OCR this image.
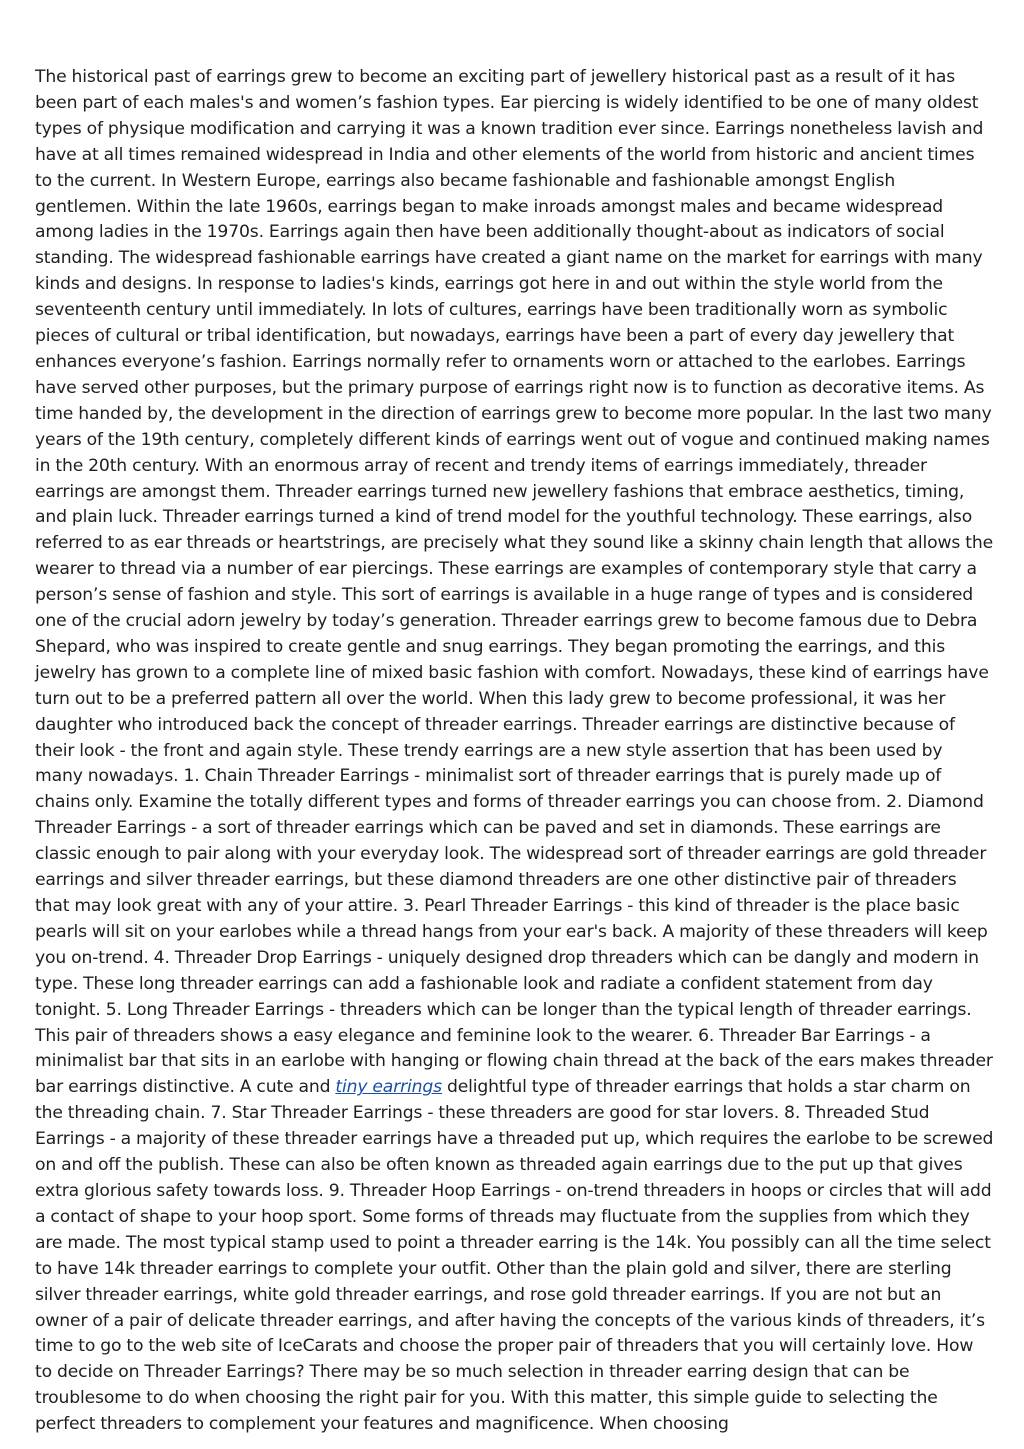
The historical past of earrings grew to become an exciting part of jewellery historical past as a result of it has been part of each males's and women’s fashion types. Ear piercing is widely identified to be one of many oldest types of physique modification and carrying it was a known tradition ever since. Earrings nonetheless lavish and have at all times remained widespread in India and other elements of the world from historic and ancient times to the current. In Western Europe, earrings also became fashionable and fashionable amongst English gentlemen. Within the late 1960s, earrings began to make inroads amongst males and became widespread among ladies in the 1970s. Earrings again then have been additionally thought-about as indicators of social standing. The widespread fashionable earrings have created a giant name on the market for earrings with many kinds and designs. In response to ladies's kinds, earrings got here in and out within the style world from the seventeenth century until immediately. In lots of cultures, earrings have been traditionally worn as symbolic pieces of cultural or tribal identification, but nowadays, earrings have been a part of every day jewellery that enhances everyone’s fashion. Earrings normally refer to ornaments worn or attached to the earlobes. Earrings have served other purposes, but the primary purpose of earrings right now is to function as decorative items. As time handed by, the development in the direction of earrings grew to become more popular. In the last two many years of the 19th century, completely different kinds of earrings went out of vogue and continued making names in the 20th century. With an enormous array of recent and trendy items of earrings immediately, threader earrings are amongst them. Threader earrings turned new jewellery fashions that embrace aesthetics, timing, and plain luck. Threader earrings turned a kind of trend model for the youthful technology. These earrings, also referred to as ear threads or heartstrings, are precisely what they sound like a skinny chain length that allows the wearer to thread via a number of ear piercings. These earrings are examples of contemporary style that carry a person’s sense of fashion and style. This sort of earrings is available in a huge range of types and is considered one of the crucial adorn jewelry by today’s generation. Threader earrings grew to become famous due to Debra Shepard, who was inspired to create gentle and snug earrings. They began promoting the earrings, and this jewelry has grown to a complete line of mixed basic fashion with comfort. Nowadays, these kind of earrings have turn out to be a preferred pattern all over the world. When this lady grew to become professional, it was her daughter who introduced back the concept of threader earrings. Threader earrings are distinctive because of their look - the front and again style. These trendy earrings are a new style assertion that has been used by many nowadays. 1. Chain Threader Earrings - minimalist sort of threader earrings that is purely made up of chains only. Examine the totally different types and forms of threader earrings you can choose from. 2. Diamond Threader Earrings - a sort of threader earrings which can be paved and set in diamonds. These earrings are classic enough to pair along with your everyday look. The widespread sort of threader earrings are gold threader earrings and silver threader earrings, but these diamond threaders are one other distinctive pair of threaders that may look great with any of your attire. 3. Pearl Threader Earrings - this kind of threader is the place basic pearls will sit on your earlobes while a thread hangs from your ear's back. A majority of these threaders will keep you on-trend. 4. Threader Drop Earrings - uniquely designed drop threaders which can be dangly and modern in type. These long threader earrings can add a fashionable look and radiate a confident statement from day tonight. 5. Long Threader Earrings - threaders which can be longer than the typical length of threader earrings. This pair of threaders shows a easy elegance and feminine look to the wearer. 6. Threader Bar Earrings - a minimalist bar that sits in an earlobe with hanging or flowing chain thread at the back of the ears makes threader bar earrings distinctive. A cute and tiny earrings delightful type of threader earrings that holds a star charm on the threading chain. 7. Star Threader Earrings - these threaders are good for star lovers. 8. Threaded Stud Earrings - a majority of these threader earrings have a threaded put up, which requires the earlobe to be screwed on and off the publish. These can also be often known as threaded again earrings due to the put up that gives extra glorious safety towards loss. 9. Threader Hoop Earrings - on-trend threaders in hoops or circles that will add a contact of shape to your hoop sport. Some forms of threads may fluctuate from the supplies from which they are made. The most typical stamp used to point a threader earring is the 14k. You possibly can all the time select to have 14k threader earrings to complete your outfit. Other than the plain gold and silver, there are sterling silver threader earrings, white gold threader earrings, and rose gold threader earrings. If you are not but an owner of a pair of delicate threader earrings, and after having the concepts of the various kinds of threaders, it’s time to go to the web site of IceCarats and choose the proper pair of threaders that you will certainly love. How to decide on Threader Earrings? There may be so much selection in threader earring design that can be troublesome to do when choosing the right pair for you. With this matter, this simple guide to selecting the perfect threaders to complement your features and magnificence. When choosing
